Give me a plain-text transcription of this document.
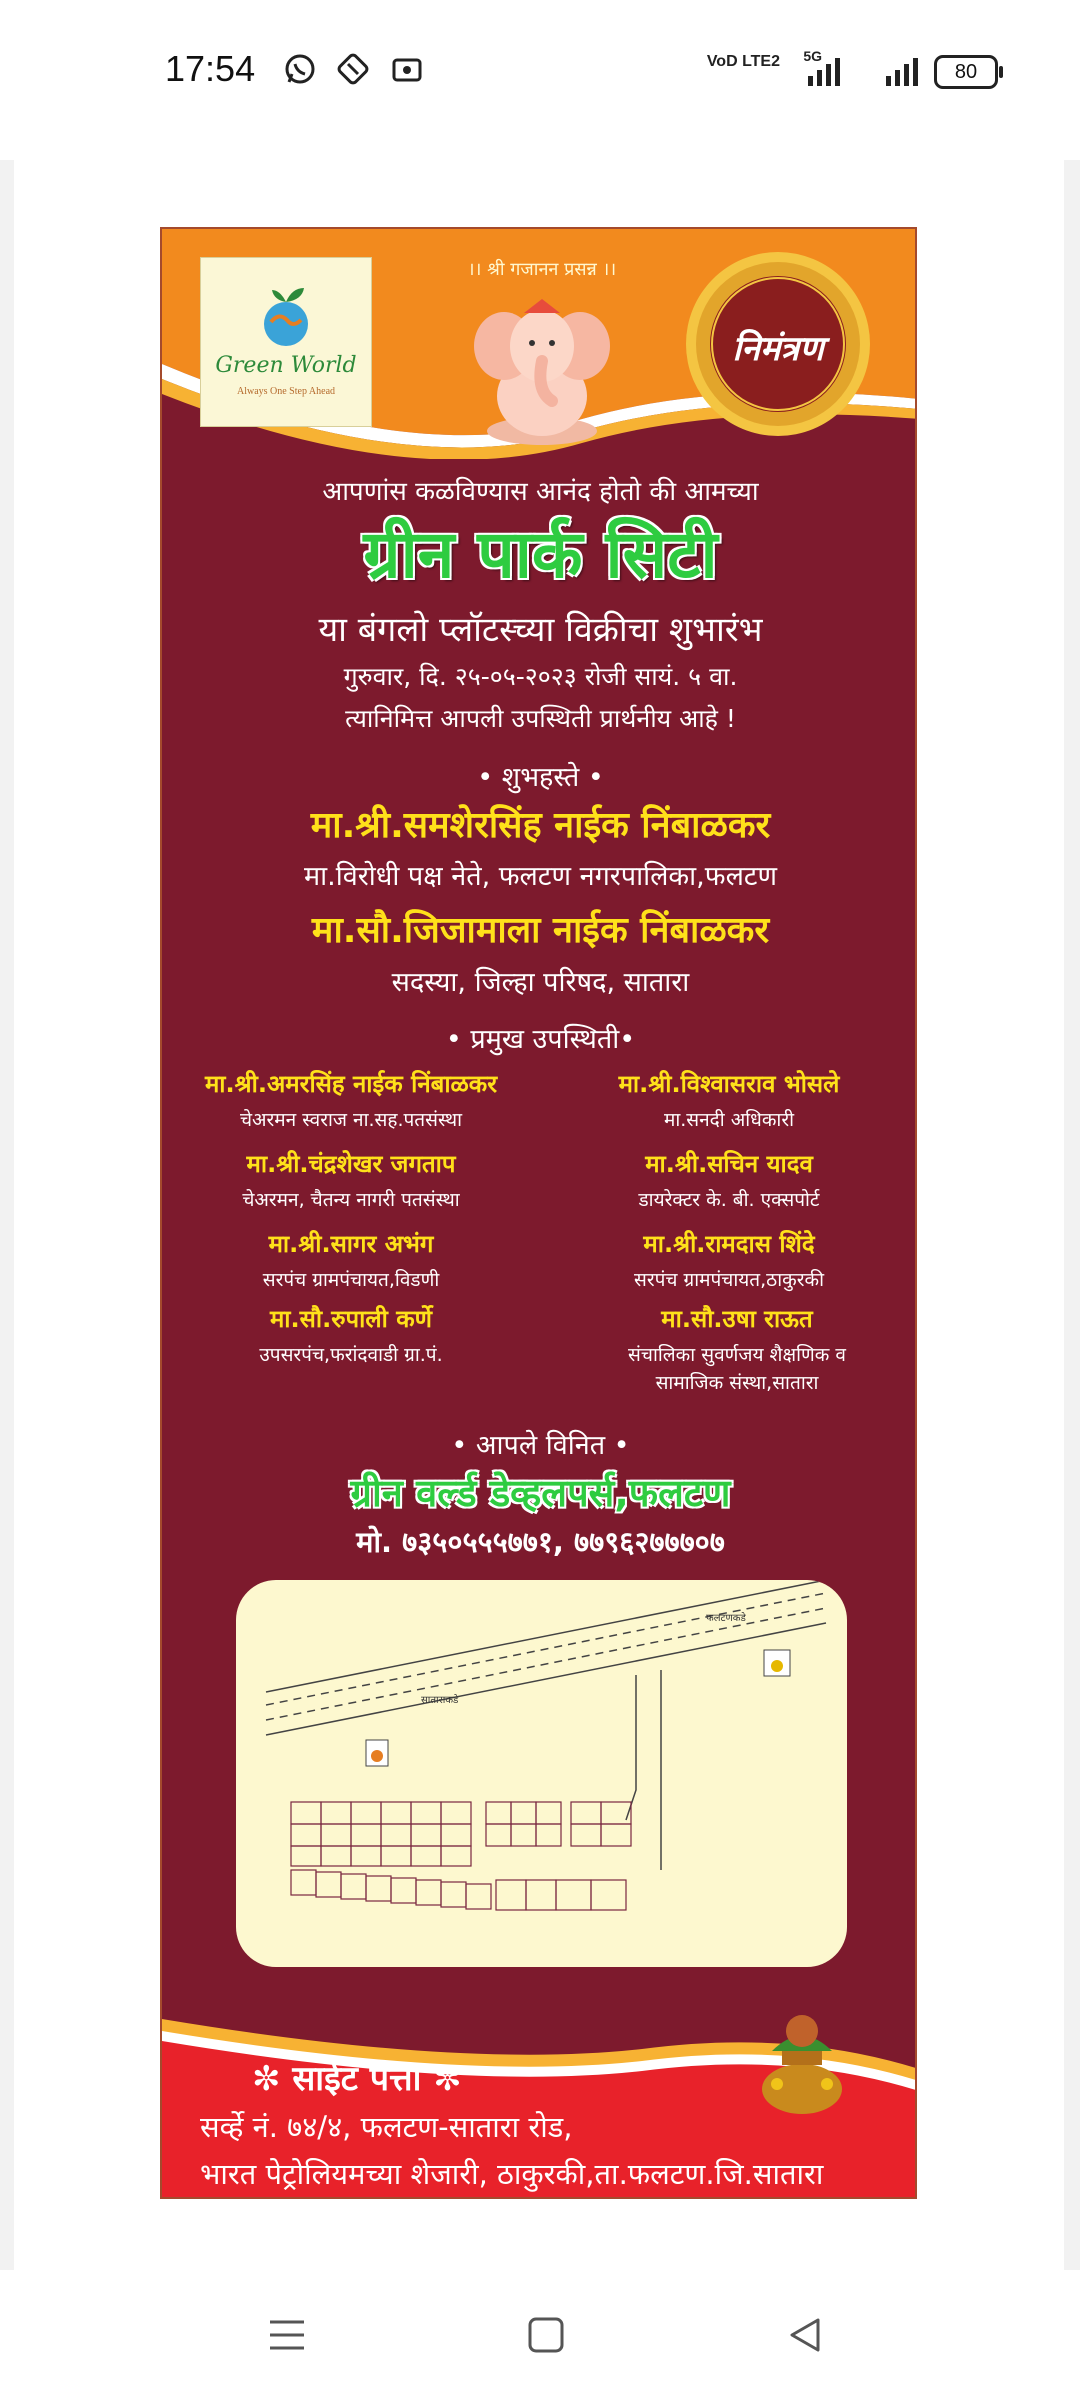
17:54	VoD LTE2 5G
80
Green World
Always One Step Ahead
।। श्री गजानन प्रसन्न ।।
निमंत्रण
आपणांस कळविण्यास आनंद होतो की आमच्या
ग्रीन पार्क सिटी
या बंगलो प्लॉटस्च्या विक्रीचा शुभारंभ
गुरुवार, दि. २५-०५-२०२३ रोजी सायं. ५ वा.
त्यानिमित्त आपली उपस्थिती प्रार्थनीय आहे !
• शुभहस्ते •
मा.श्री.समशेरसिंह नाईक निंबाळकर
मा.विरोधी पक्ष नेते, फलटण नगरपालिका,फलटण
मा.सौ.जिजामाला नाईक निंबाळकर
सदस्या, जिल्हा परिषद, सातारा
• प्रमुख उपस्थिती•
मा.श्री.अमरसिंह नाईक निंबाळकर
चेअरमन स्वराज ना.सह.पतसंस्था
मा.श्री.विश्वासराव भोसले
मा.सनदी अधिकारी
मा.श्री.चंद्रशेखर जगताप
चेअरमन, चैतन्य नागरी पतसंस्था
मा.श्री.सचिन यादव
डायरेक्टर के. बी. एक्सपोर्ट
मा.श्री.सागर अभंग
सरपंच ग्रामपंचायत,विडणी
मा.श्री.रामदास शिंदे
सरपंच ग्रामपंचायत,ठाकुरकी
मा.सौ.रुपाली कर्णे
उपसरपंच,फरांदवाडी ग्रा.पं.
मा.सौ.उषा राऊत
संचालिका सुवर्णजय शैक्षणिक व सामाजिक संस्था,सातारा
• आपले विनित •
ग्रीन वर्ल्ड डेव्हलपर्स,फलटण
मो. ७३५०५५५७७१, ७७९६२७७७०७
फलटणकडे
साताराकडे
✼ साईट पत्ता ✼
सर्व्हे नं. ७४/४, फलटण-सातारा रोड,
भारत पेट्रोलियमच्या शेजारी, ठाकुरकी,ता.फलटण.जि.सातारा
